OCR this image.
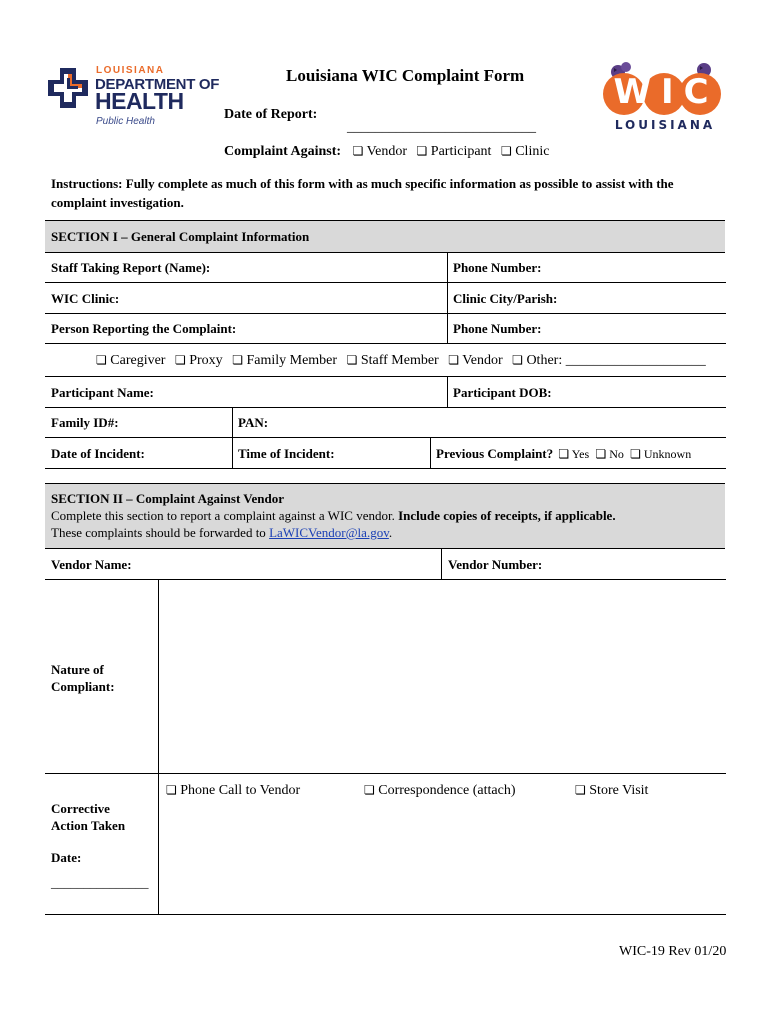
LOUISIANA
DEPARTMENT OF
HEALTH
Public Health
WIC
LOUISIANA
Louisiana WIC Complaint Form
Date of Report:
___________________________
Complaint Against: ❏ Vendor ❏ Participant ❏ Clinic
Instructions: Fully complete as much of this form with as much specific information as possible to assist with the complaint investigation.
SECTION I – General Complaint Information
Staff Taking Report (Name):	Phone Number:
WIC Clinic:	Clinic City/Parish:
Person Reporting the Complaint:	Phone Number:
❏ Caregiver ❏ Proxy ❏ Family Member ❏ Staff Member ❏ Vendor ❏ Other: ____________________
Participant Name:	Participant DOB:
Family ID#:	PAN:
Date of Incident:	Time of Incident:	Previous Complaint? ❏ Yes ❏ No ❏ Unknown
SECTION II – Complaint Against Vendor
Complete this section to report a complaint against a WIC vendor. Include copies of receipts, if applicable.
These complaints should be forwarded to LaWICVendor@la.gov.
Vendor Name:	Vendor Number:
Nature of
Compliant:
Corrective
Action Taken
Date:
_______________
❏ Phone Call to Vendor	❏ Correspondence (attach)	❏ Store Visit
WIC-19 Rev 01/20
